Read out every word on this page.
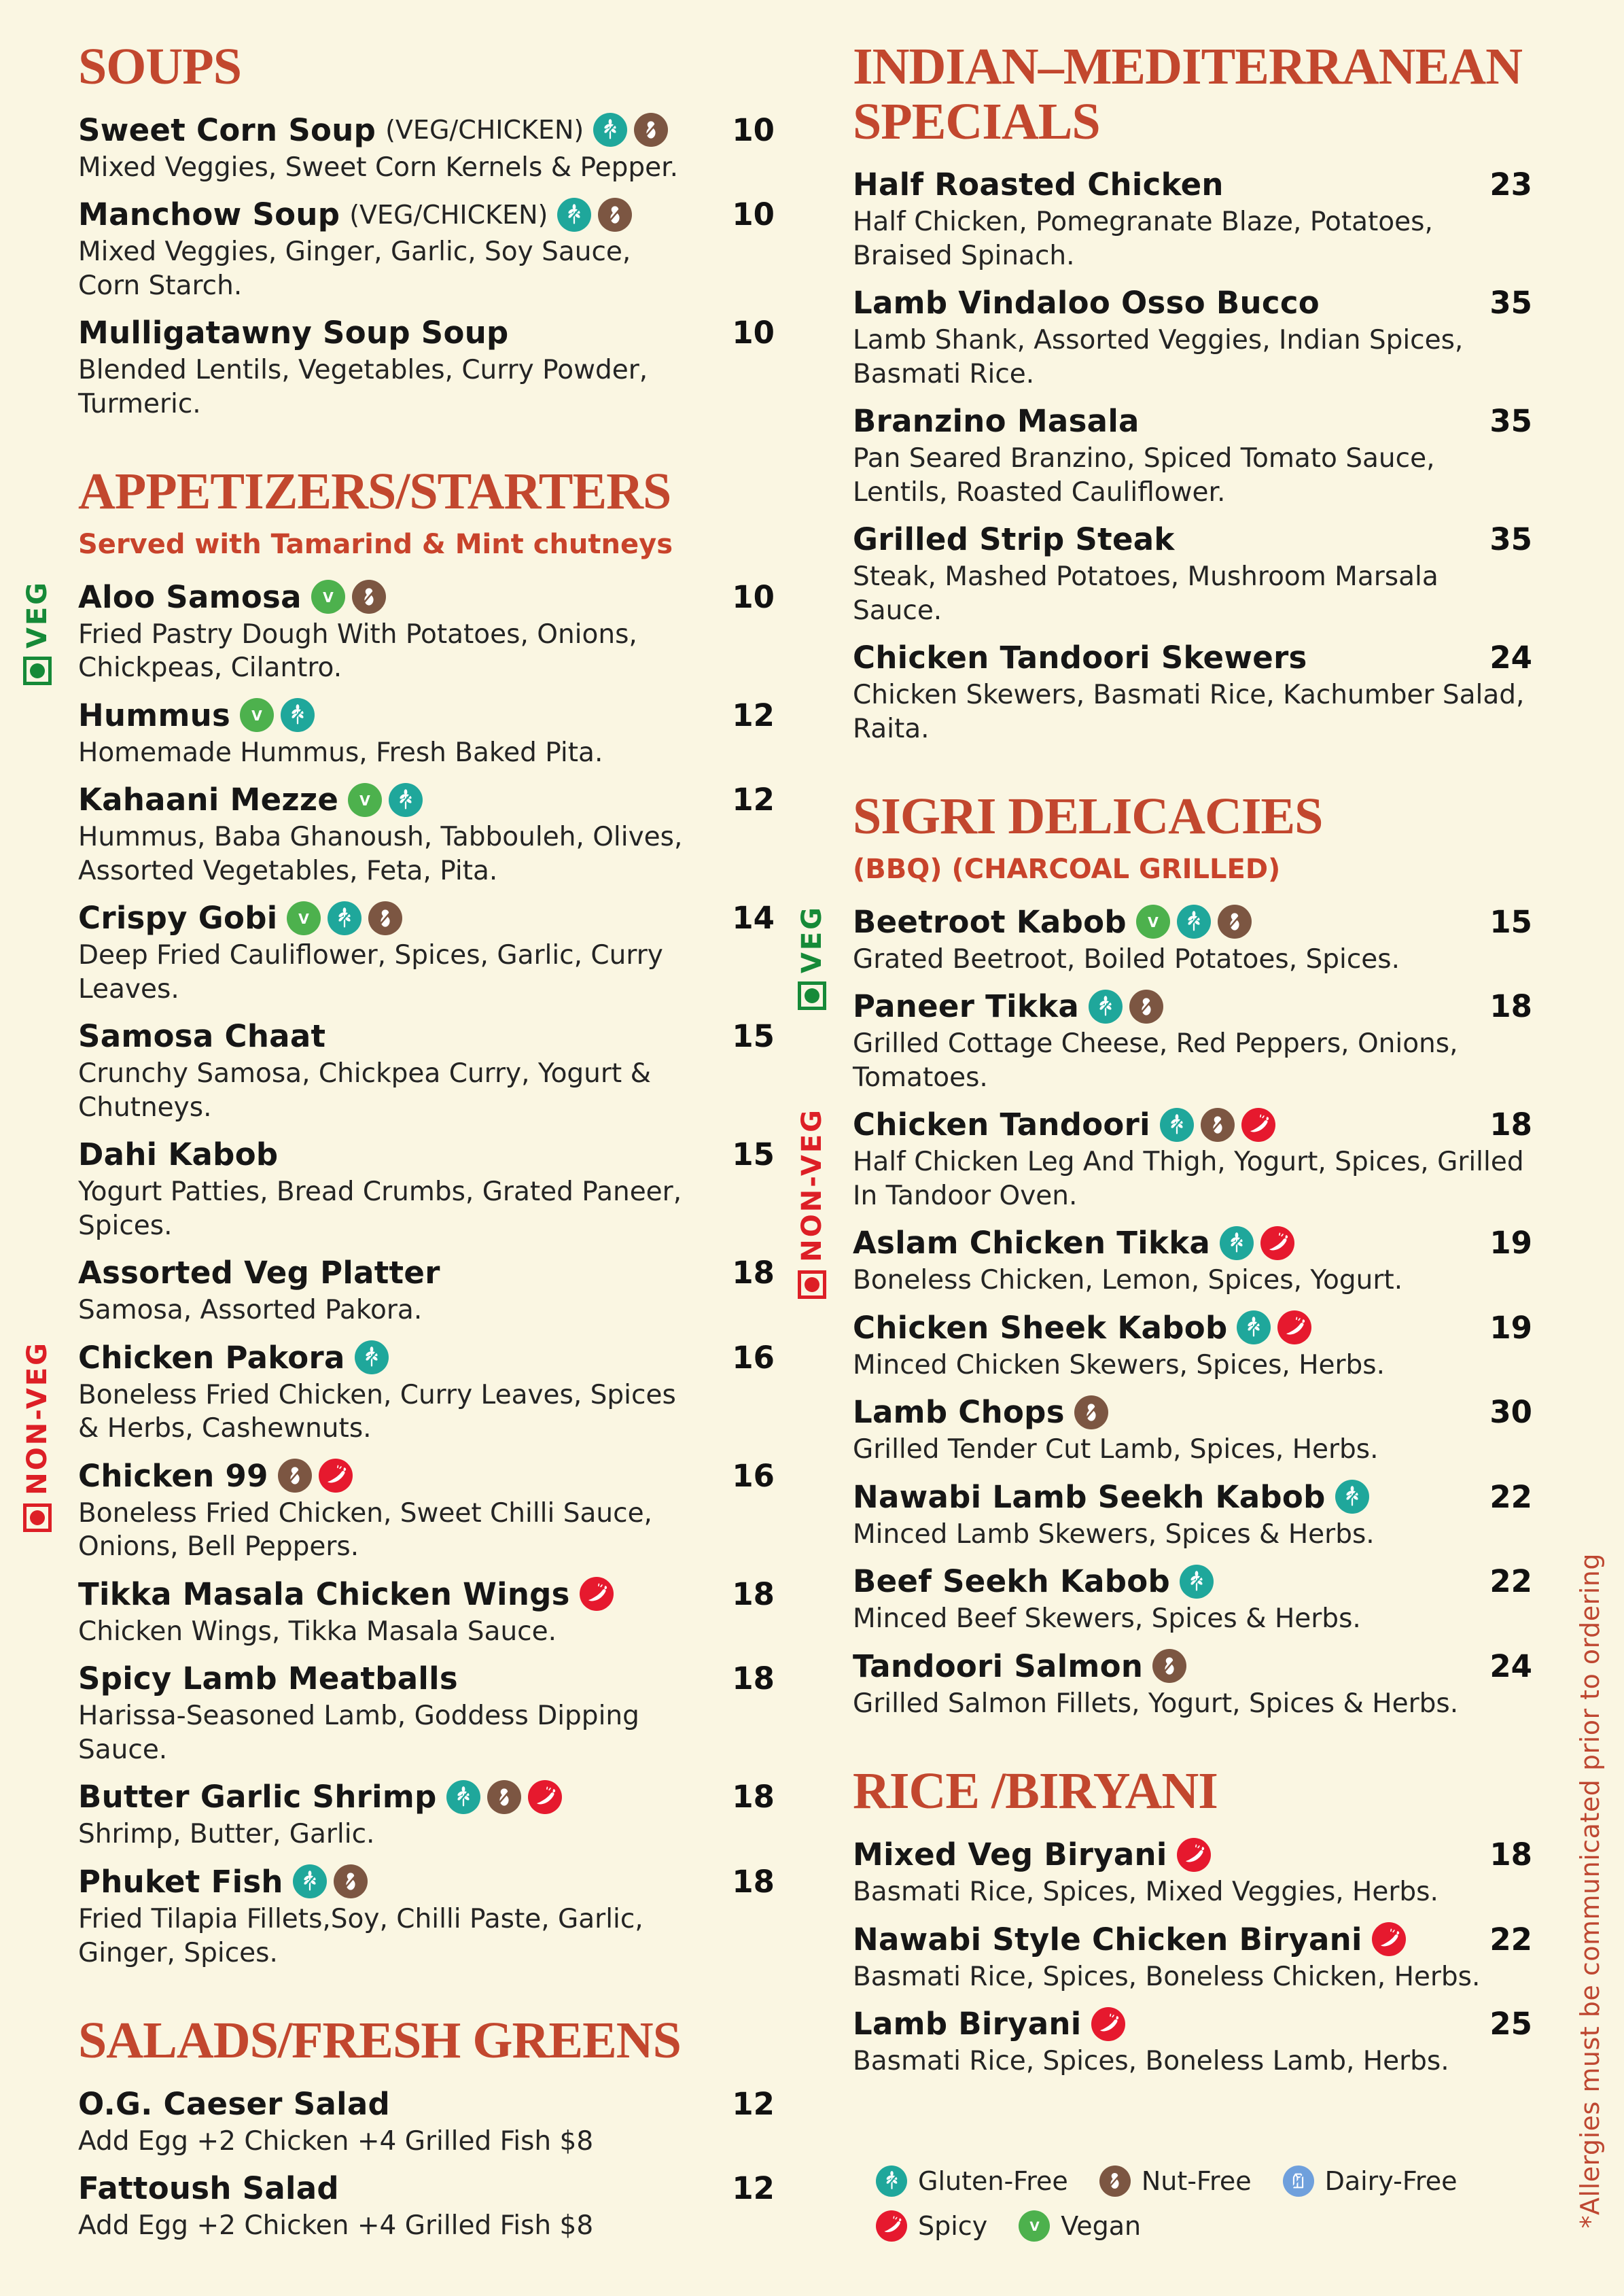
SOUPS
Sweet Corn Soup (VEG/CHICKEN)	10
Mixed Veggies, Sweet Corn Kernels & Pepper.
Manchow Soup (VEG/CHICKEN)	10
Mixed Veggies, Ginger, Garlic, Soy Sauce, Corn Starch.
Mulligatawny Soup Soup	10
Blended Lentils, Vegetables, Curry Powder, Turmeric.
APPETIZERS/STARTERS
Served with Tamarind & Mint chutneys
VEG Aloo Samosa V	10
Fried Pastry Dough With Potatoes, Onions, Chickpeas, Cilantro.
Hummus V	12
Homemade Hummus, Fresh Baked Pita.
Kahaani Mezze V	12
Hummus, Baba Ghanoush, Tabbouleh, Olives, Assorted Vegetables, Feta, Pita.
Crispy Gobi V	14
Deep Fried Cauliflower, Spices, Garlic, Curry Leaves.
Samosa Chaat	15
Crunchy Samosa, Chickpea Curry, Yogurt & Chutneys.
Dahi Kabob	15
Yogurt Patties, Bread Crumbs, Grated Paneer, Spices.
Assorted Veg Platter	18
Samosa, Assorted Pakora.
NON-VEG Chicken Pakora	16
Boneless Fried Chicken, Curry Leaves, Spices & Herbs, Cashewnuts.
Chicken 99	16
Boneless Fried Chicken, Sweet Chilli Sauce, Onions, Bell Peppers.
Tikka Masala Chicken Wings	18
Chicken Wings, Tikka Masala Sauce.
Spicy Lamb Meatballs	18
Harissa-Seasoned Lamb, Goddess Dipping Sauce.
Butter Garlic Shrimp	18
Shrimp, Butter, Garlic.
Phuket Fish	18
Fried Tilapia Fillets,Soy, Chilli Paste, Garlic, Ginger, Spices.
SALADS/FRESH GREENS
O.G. Caeser Salad	12
Add Egg +2 Chicken +4 Grilled Fish $8
Fattoush Salad	12
Add Egg +2 Chicken +4 Grilled Fish $8
INDIAN–MEDITERRANEAN SPECIALS
Half Roasted Chicken	23
Half Chicken, Pomegranate Blaze, Potatoes, Braised Spinach.
Lamb Vindaloo Osso Bucco	35
Lamb Shank, Assorted Veggies, Indian Spices, Basmati Rice.
Branzino Masala	35
Pan Seared Branzino, Spiced Tomato Sauce, Lentils, Roasted Cauliflower.
Grilled Strip Steak	35
Steak, Mashed Potatoes, Mushroom Marsala Sauce.
Chicken Tandoori Skewers	24
Chicken Skewers, Basmati Rice, Kachumber Salad, Raita.
SIGRI DELICACIES
(BBQ) (CHARCOAL GRILLED)
VEG Beetroot Kabob V	15
Grated Beetroot, Boiled Potatoes, Spices.
Paneer Tikka	18
Grilled Cottage Cheese, Red Peppers, Onions, Tomatoes.
NON-VEG Chicken Tandoori	18
Half Chicken Leg And Thigh, Yogurt, Spices, Grilled In Tandoor Oven.
Aslam Chicken Tikka	19
Boneless Chicken, Lemon, Spices, Yogurt.
Chicken Sheek Kabob	19
Minced Chicken Skewers, Spices, Herbs.
Lamb Chops	30
Grilled Tender Cut Lamb, Spices, Herbs.
Nawabi Lamb Seekh Kabob	22
Minced Lamb Skewers, Spices & Herbs.
Beef Seekh Kabob	22
Minced Beef Skewers, Spices & Herbs.
Tandoori Salmon	24
Grilled Salmon Fillets, Yogurt, Spices & Herbs.
RICE /BIRYANI
Mixed Veg Biryani	18
Basmati Rice, Spices, Mixed Veggies, Herbs.
Nawabi Style Chicken Biryani	22
Basmati Rice, Spices, Boneless Chicken, Herbs.
Lamb Biryani	25
Basmati Rice, Spices, Boneless Lamb, Herbs.
Gluten-Free	Nut-Free	Dairy-Free
Spicy	V Vegan	*Allergies must be communicated prior to ordering
